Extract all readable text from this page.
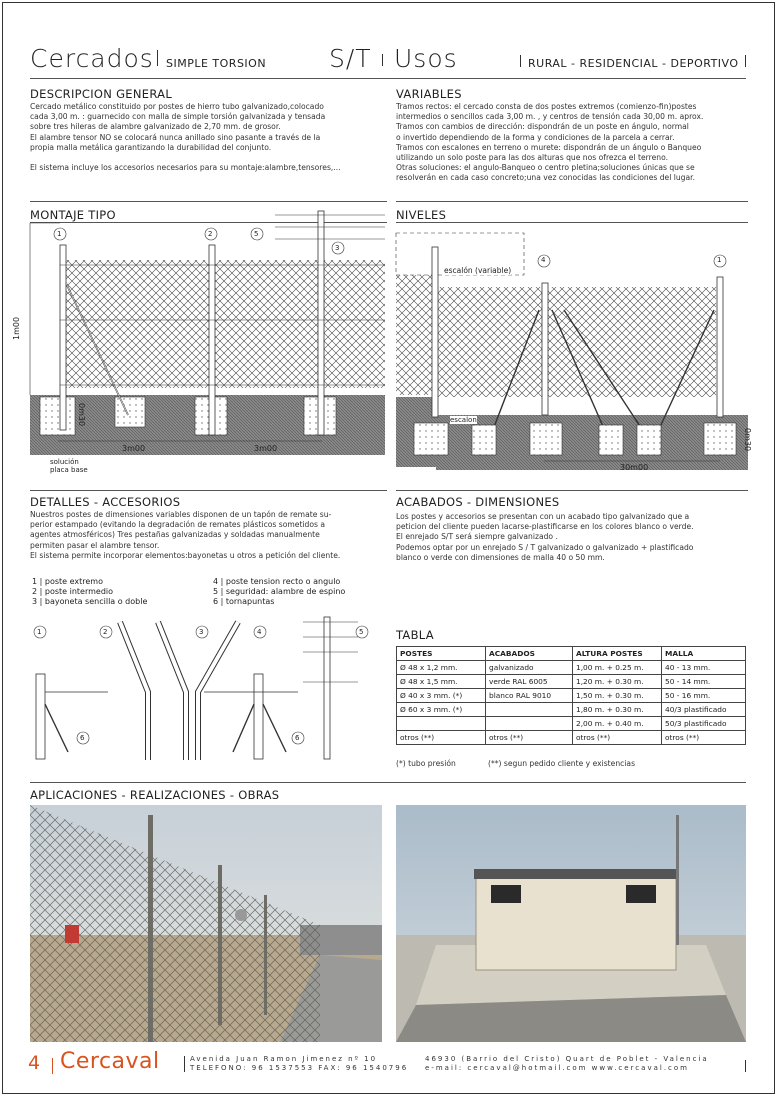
Cercados SIMPLE TORSION	S/T Usos	RURAL - RESIDENCIAL - DEPORTIVO
DESCRIPCION GENERAL
Cercado metálico constituido por postes de hierro tubo galvanizado,colocado
cada 3,00 m. : guarnecido con malla de simple torsión galvanizada y tensada
sobre tres hileras de alambre galvanizado de 2,70 mm. de grosor.
El alambre tensor NO se colocará nunca anillado sino pasante a través de la
propia malla metálica garantizando la durabilidad del conjunto.
El sistema incluye los accesorios necesarios para su montaje:alambre,tensores,...
VARIABLES
Tramos rectos: el cercado consta de dos postes extremos (comienzo-fin)postes
intermedios o sencillos cada 3,00 m. , y centros de tensión cada 30,00 m. aprox.
Tramos con cambios de dirección: dispondrán de un poste en ángulo, normal
o invertido dependiendo de la forma y condiciones de la parcela a cerrar.
Tramos con escalones en terreno o murete: dispondrán de un ángulo o Banqueo
utilizando un solo poste para las dos alturas que nos ofrezca el terreno.
Otras soluciones: el angulo-Banqueo o centro pletina;soluciones únicas que se
resolverán en cada caso concreto;una vez conocidas las condiciones del lugar.
MONTAJE TIPO
1	2
3
5
1m00
0m30
3m00	3m00
solución
placa base
NIVELES
4	1
escalón (variable)
escalon
0m30
30m00
DETALLES - ACCESORIOS
Nuestros postes de dimensiones variables disponen de un tapón de remate su-
perior estampado (evitando la degradación de remates plásticos sometidos a
agentes atmosféricos) Tres pestañas galvanizadas y soldadas manualmente
permiten pasar el alambre tensor.
El sistema permite incorporar elementos:bayonetas u otros a petición del cliente.
1 | poste extremo
2 | poste intermedio
3 | bayoneta sencilla o doble
4 | poste tension recto o angulo
5 | seguridad: alambre de espino
6 | tornapuntas
1	2	3	4	5
6	6
ACABADOS - DIMENSIONES
Los postes y accesorios se presentan con un acabado tipo galvanizado que a
peticion del cliente pueden lacarse-plastificarse en los colores blanco o verde.
El enrejado S/T será siempre galvanizado .
Podemos optar por un enrejado S / T galvanizado o galvanizado + plastificado
blanco o verde con dimensiones de malla 40 o 50 mm.
TABLA
POSTES	ACABADOS	ALTURA POSTES	MALLA
Ø 48 x 1,2 mm.	galvanizado	1,00 m. + 0.25 m.	40 - 13 mm.
Ø 48 x 1,5 mm.	verde RAL 6005	1,20 m. + 0.30 m.	50 - 14 mm.
Ø 40 x 3 mm. (*)	blanco RAL 9010	1,50 m. + 0.30 m.	50 - 16 mm.
Ø 60 x 3 mm. (*)		1,80 m. + 0.30 m.	40/3 plastificado
		2,00 m. + 0.40 m.	50/3 plastificado
otros (**)	otros (**)	otros (**)	otros (**)
(*) tubo presión	(**) segun pedido cliente y existencias
APLICACIONES - REALIZACIONES - OBRAS
4 Cercaval	Avenida Juan Ramon Jimenez nº 10
TELEFONO: 96 1537553 FAX: 96 1540796
46930 (Barrio del Cristo) Quart de Poblet - Valencia
e-mail: cercaval@hotmail.com www.cercaval.com
